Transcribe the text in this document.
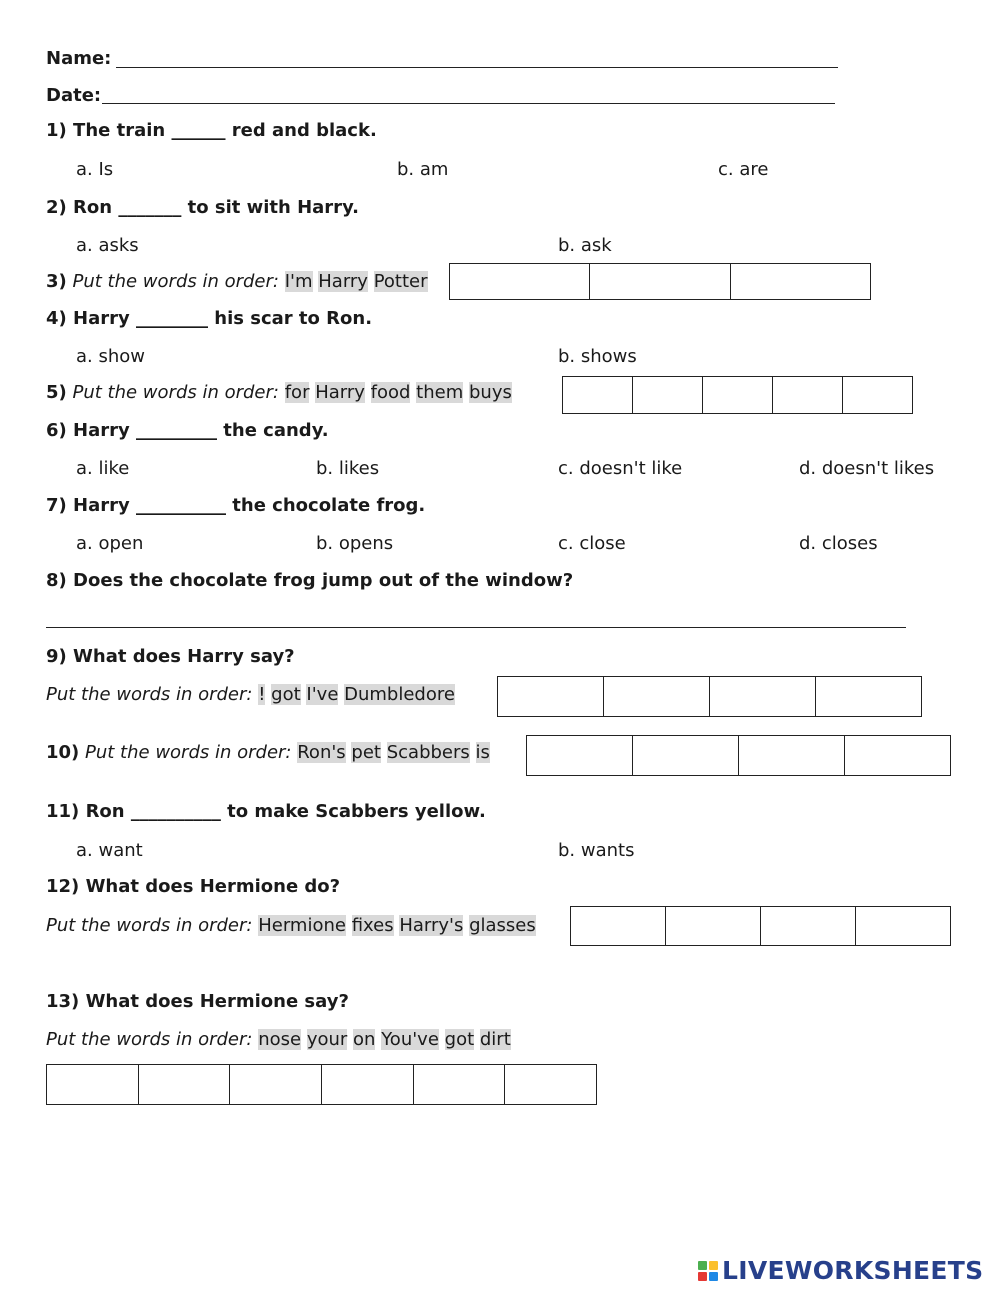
Name:
Date:
1) The train ______ red and black.
a. Is	b. am	c. are
2) Ron _______ to sit with Harry.
a. asks	b. ask
3) Put the words in order: I'm Harry Potter
4) Harry ________ his scar to Ron.
a. show	b. shows
5) Put the words in order: for Harry food them buys
6) Harry _________ the candy.
a. like	b. likes	c. doesn't like	d. doesn't likes
7) Harry __________ the chocolate frog.
a. open	b. opens	c. close	d. closes
8) Does the chocolate frog jump out of the window?
9) What does Harry say?
Put the words in order: ! got I've Dumbledore
10) Put the words in order: Ron's pet Scabbers is
11) Ron __________ to make Scabbers yellow.
a. want	b. wants
12) What does Hermione do?
Put the words in order: Hermione fixes Harry's glasses
13) What does Hermione say?
Put the words in order: nose your on You've got dirt
LIVEWORKSHEETS
